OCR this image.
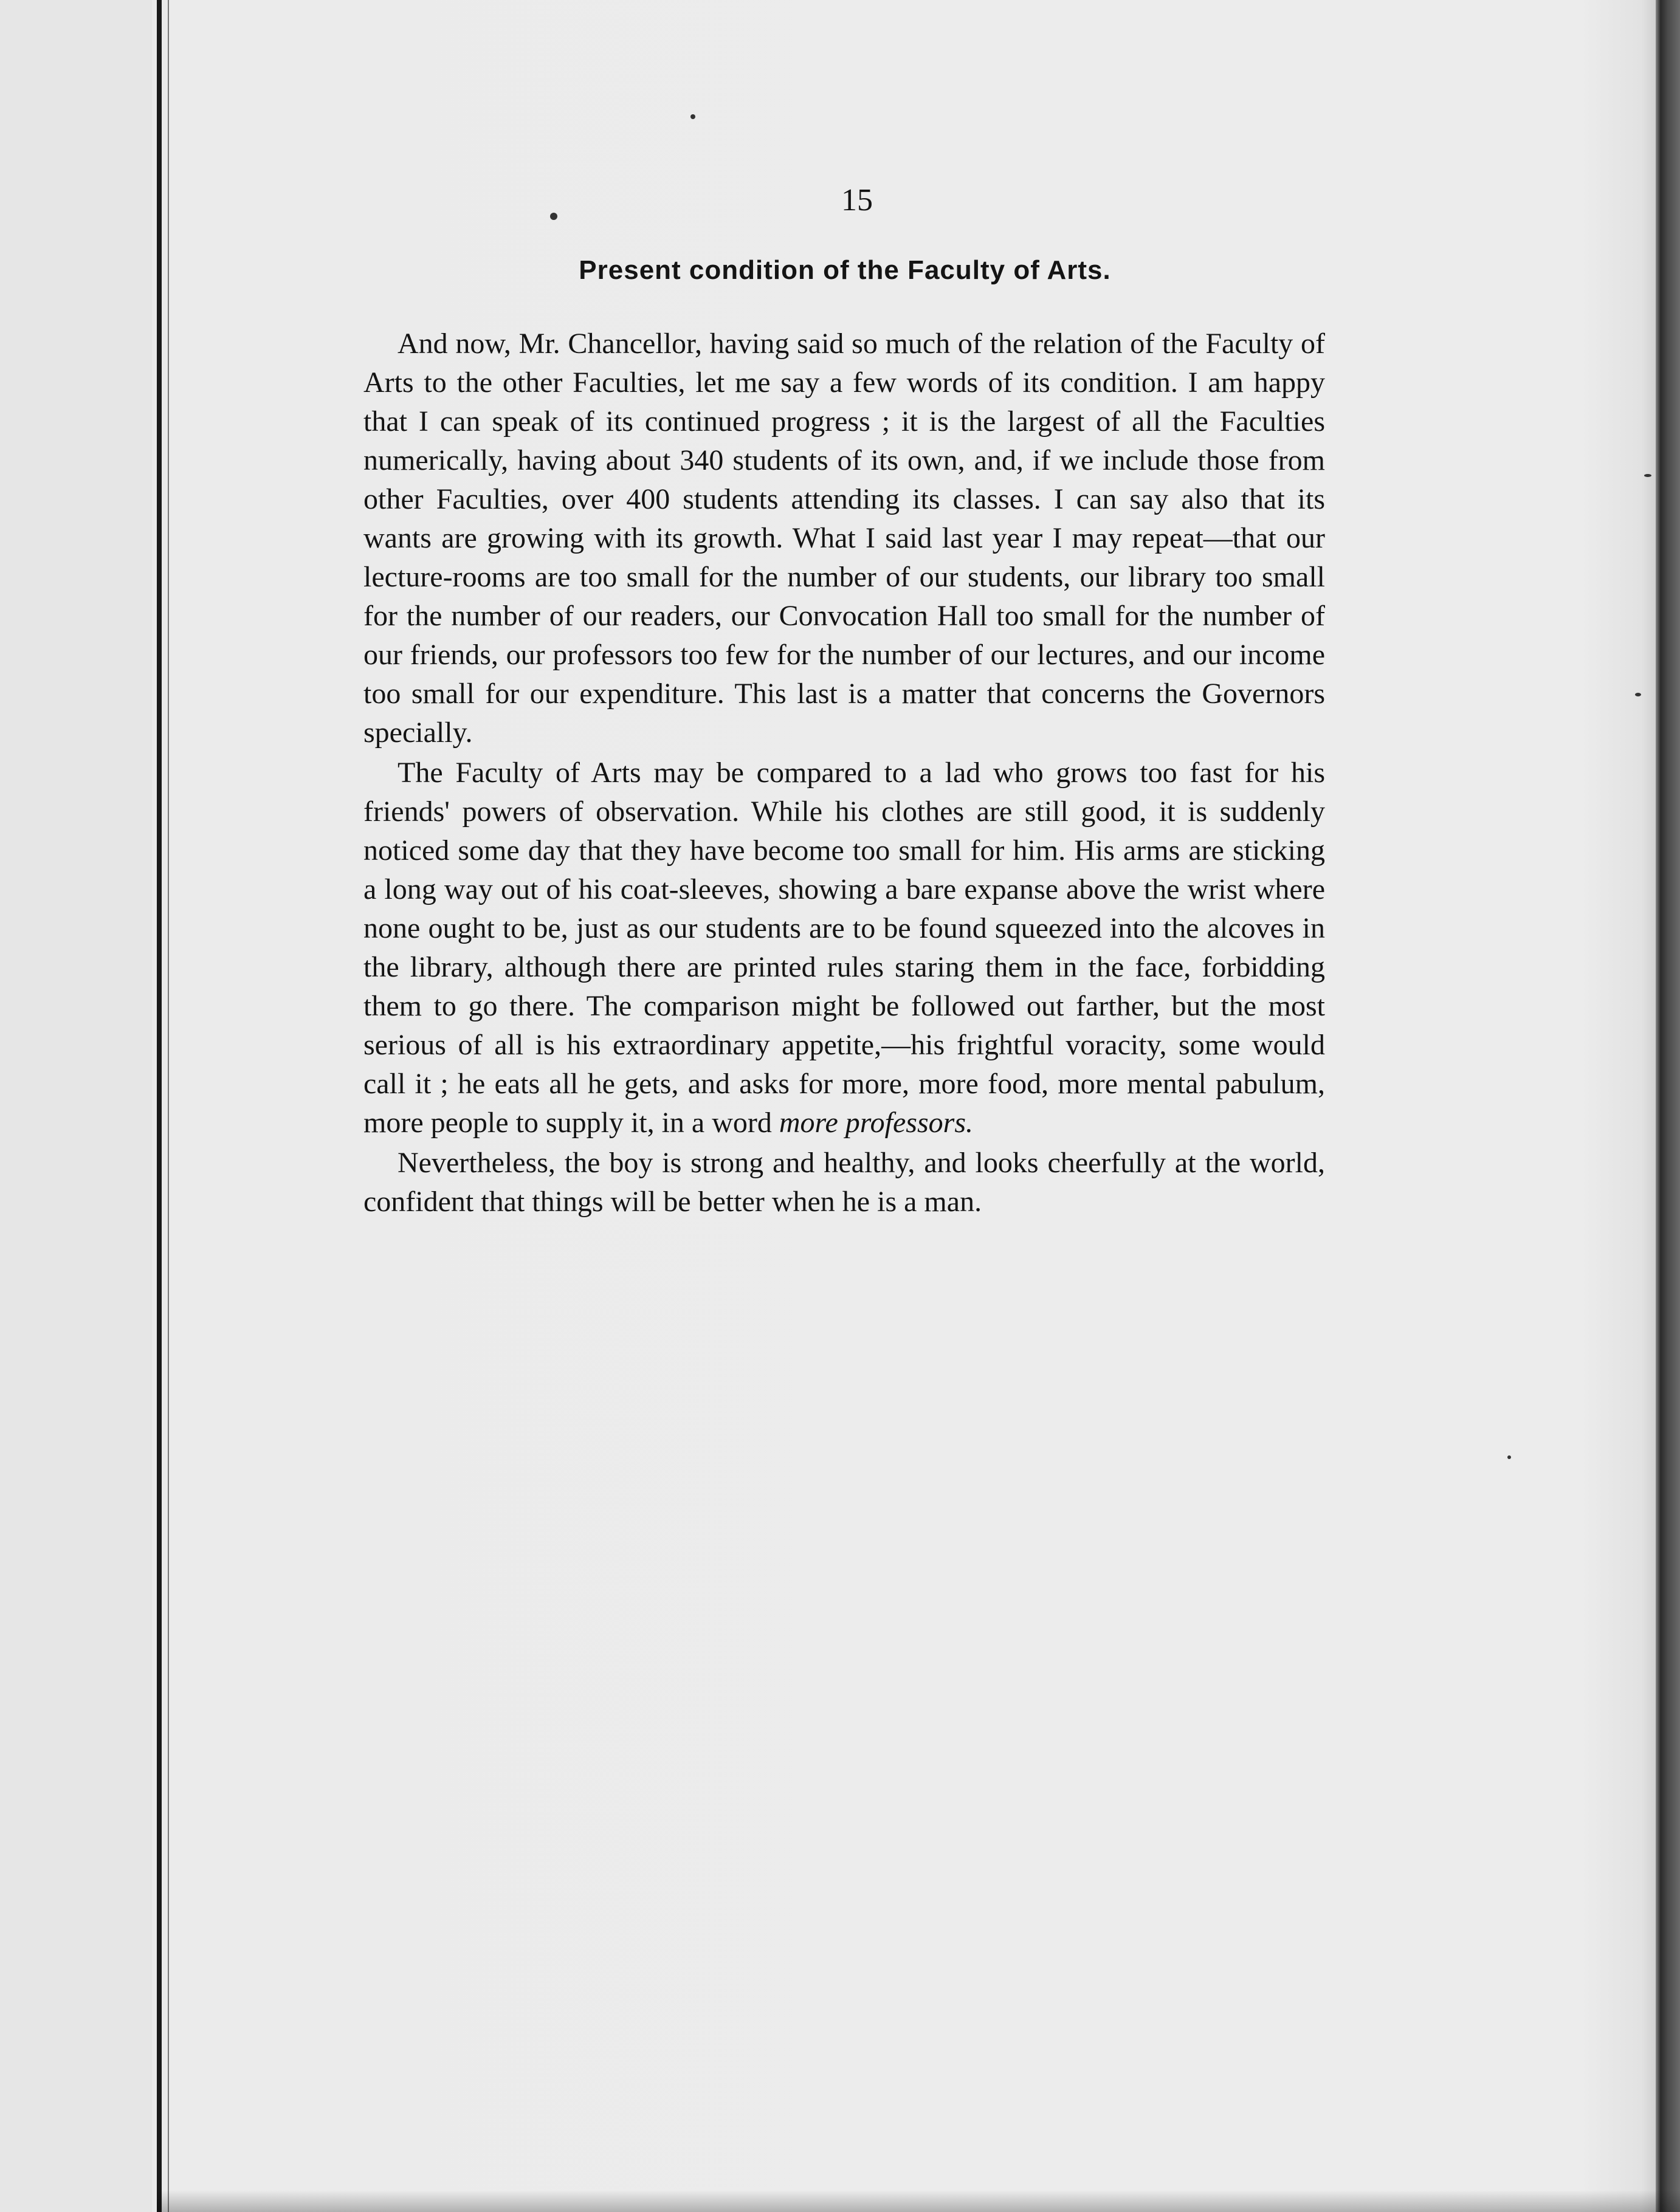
15
Present condition of the Faculty of Arts.

And now, Mr. Chancellor, having said so much of the relation of the Faculty of Arts to the other Faculties, let me say a few words of its condition. I am happy that I can speak of its continued progress ; it is the largest of all the Faculties numerically, having about 340 students of its own, and, if we include those from other Faculties, over 400 students attending its classes. I can say also that its wants are growing with its growth. What I said last year I may repeat—that our lecture-rooms are too small for the number of our students, our library too small for the number of our readers, our Convocation Hall too small for the number of our friends, our professors too few for the number of our lectures, and our income too small for our expenditure. This last is a matter that concerns the Governors specially.

The Faculty of Arts may be compared to a lad who grows too fast for his friends' powers of observation. While his clothes are still good, it is suddenly noticed some day that they have become too small for him. His arms are sticking a long way out of his coat-sleeves, showing a bare expanse above the wrist where none ought to be, just as our students are to be found squeezed into the alcoves in the library, although there are printed rules staring them in the face, forbidding them to go there. The comparison might be followed out farther, but the most serious of all is his extraordinary appetite,—his frightful voracity, some would call it ; he eats all he gets, and asks for more, more food, more mental pabulum, more people to supply it, in a word more professors.

Nevertheless, the boy is strong and healthy, and looks cheerfully at the world, confident that things will be better when he is a man.
